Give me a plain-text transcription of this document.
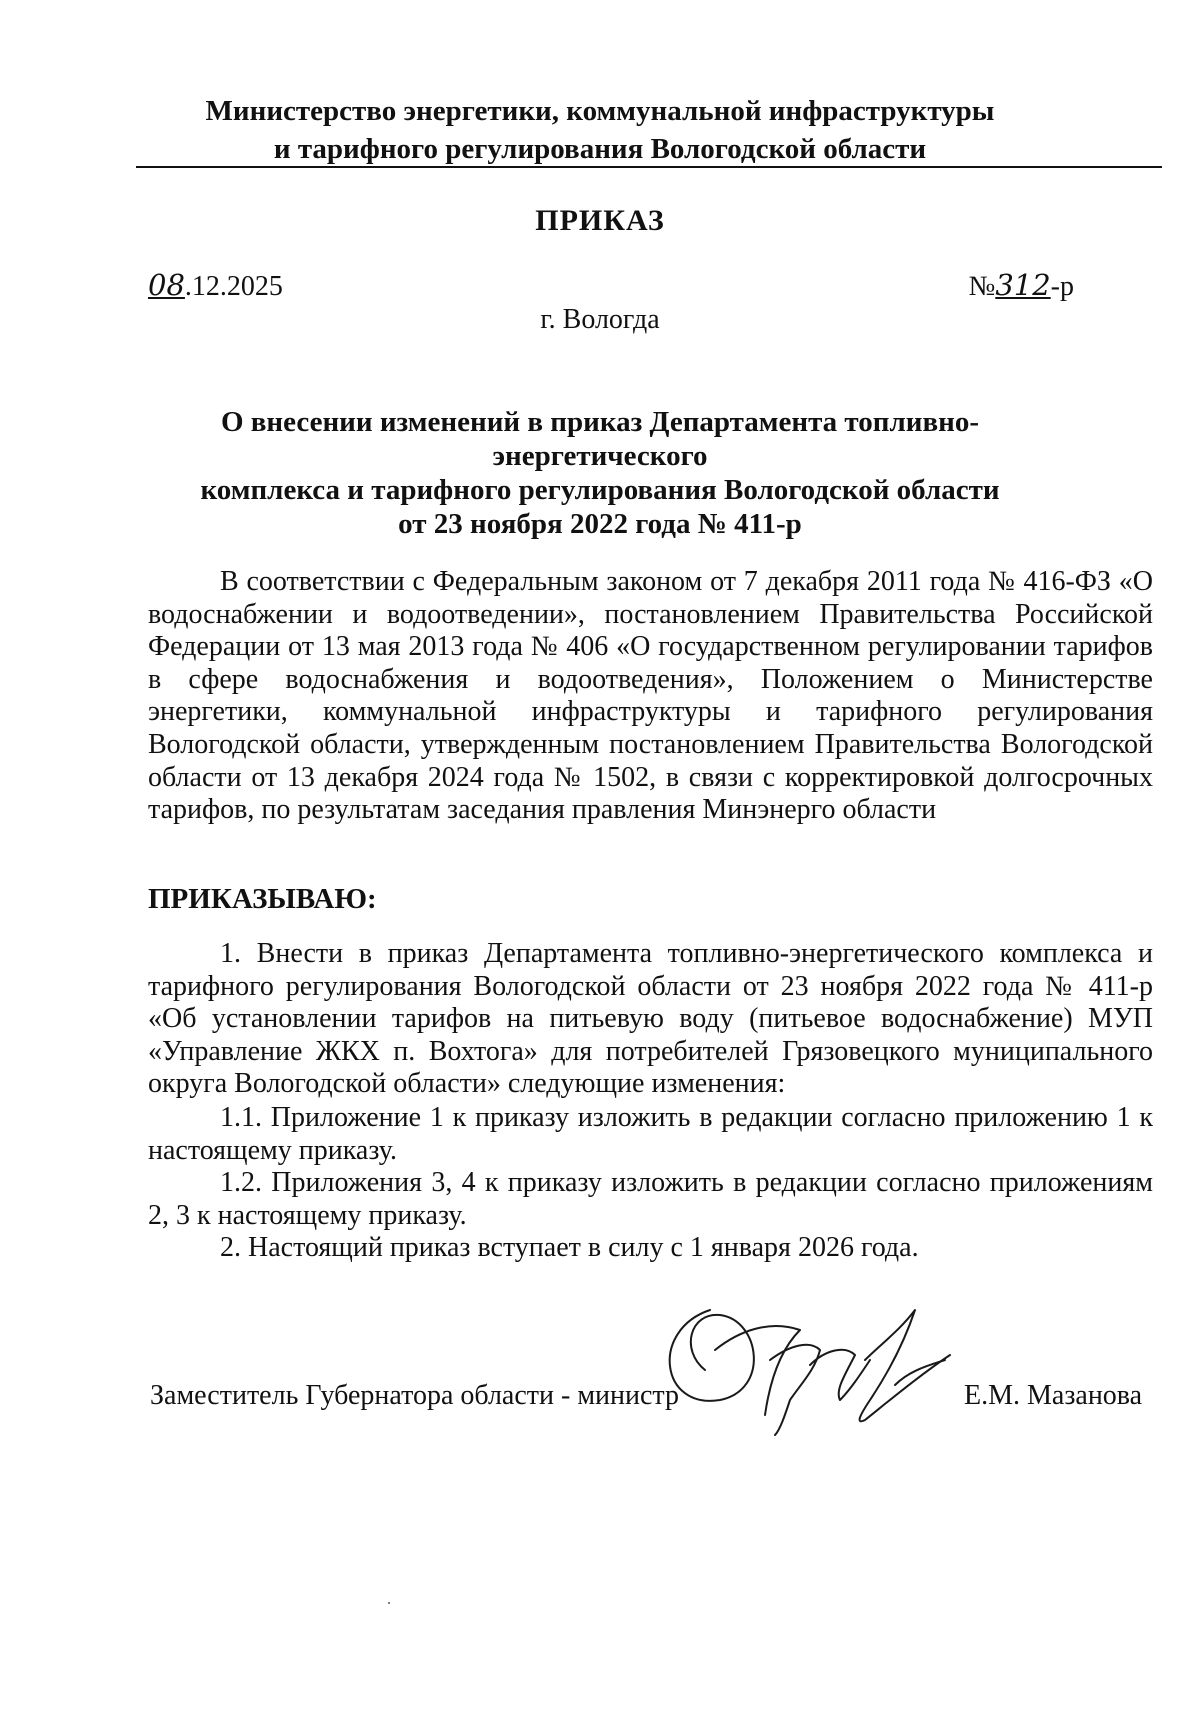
Министерство энергетики, коммунальной инфраструктуры
и тарифного регулирования Вологодской области
ПРИКАЗ
08.12.2025	№312-р
г. Вологда
О внесении изменений в приказ Департамента топливно-энергетического
комплекса и тарифного регулирования Вологодской области
от 23 ноября 2022 года № 411-р

В соответствии с Федеральным законом от 7 декабря 2011 года № 416-ФЗ «О водоснабжении и водоотведении», постановлением Правительства Российской Федерации от 13 мая 2013 года № 406 «О государственном регулировании тарифов в сфере водоснабжения и водоотведения», Положением о Министерстве энергетики, коммунальной инфраструктуры и тарифного регулирования Вологодской области, утвержденным постановлением Правительства Вологодской области от 13 декабря 2024 года № 1502, в связи с корректировкой долгосрочных тарифов, по результатам заседания правления Минэнерго области

ПРИКАЗЫВАЮ:

1. Внести в приказ Департамента топливно-энергетического комплекса и тарифного регулирования Вологодской области от 23 ноября 2022 года № 411-р «Об установлении тарифов на питьевую воду (питьевое водоснабжение) МУП «Управление ЖКХ п. Вохтога» для потребителей Грязовецкого муниципального округа Вологодской области» следующие изменения:

1.1. Приложение 1 к приказу изложить в редакции согласно приложению 1 к настоящему приказу.

1.2. Приложения 3, 4 к приказу изложить в редакции согласно приложениям 2, 3 к настоящему приказу.

2. Настоящий приказ вступает в силу с 1 января 2026 года.

Заместитель Губернатора области - министр	Е.М. Мазанова
